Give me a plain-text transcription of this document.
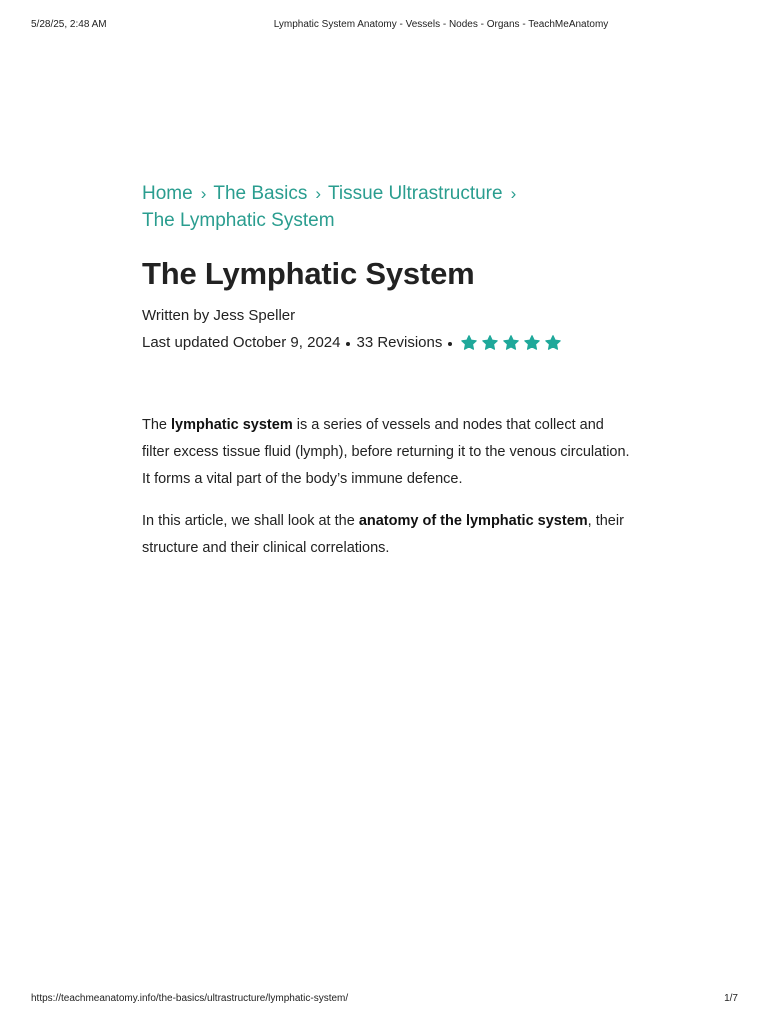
5/28/25, 2:48 AM	Lymphatic System Anatomy - Vessels - Nodes - Organs - TeachMeAnatomy
Home › The Basics › Tissue Ultrastructure ›
The Lymphatic System
The Lymphatic System
Written by Jess Speller
Last updated October 9, 2024 33 Revisions

The lymphatic system is a series of vessels and nodes that collect and filter excess tissue fluid (lymph), before returning it to the venous circulation. It forms a vital part of the body’s immune defence.

In this article, we shall look at the anatomy of the lymphatic system, their structure and their clinical correlations.

https://teachmeanatomy.info/the-basics/ultrastructure/lymphatic-system/	1/7
